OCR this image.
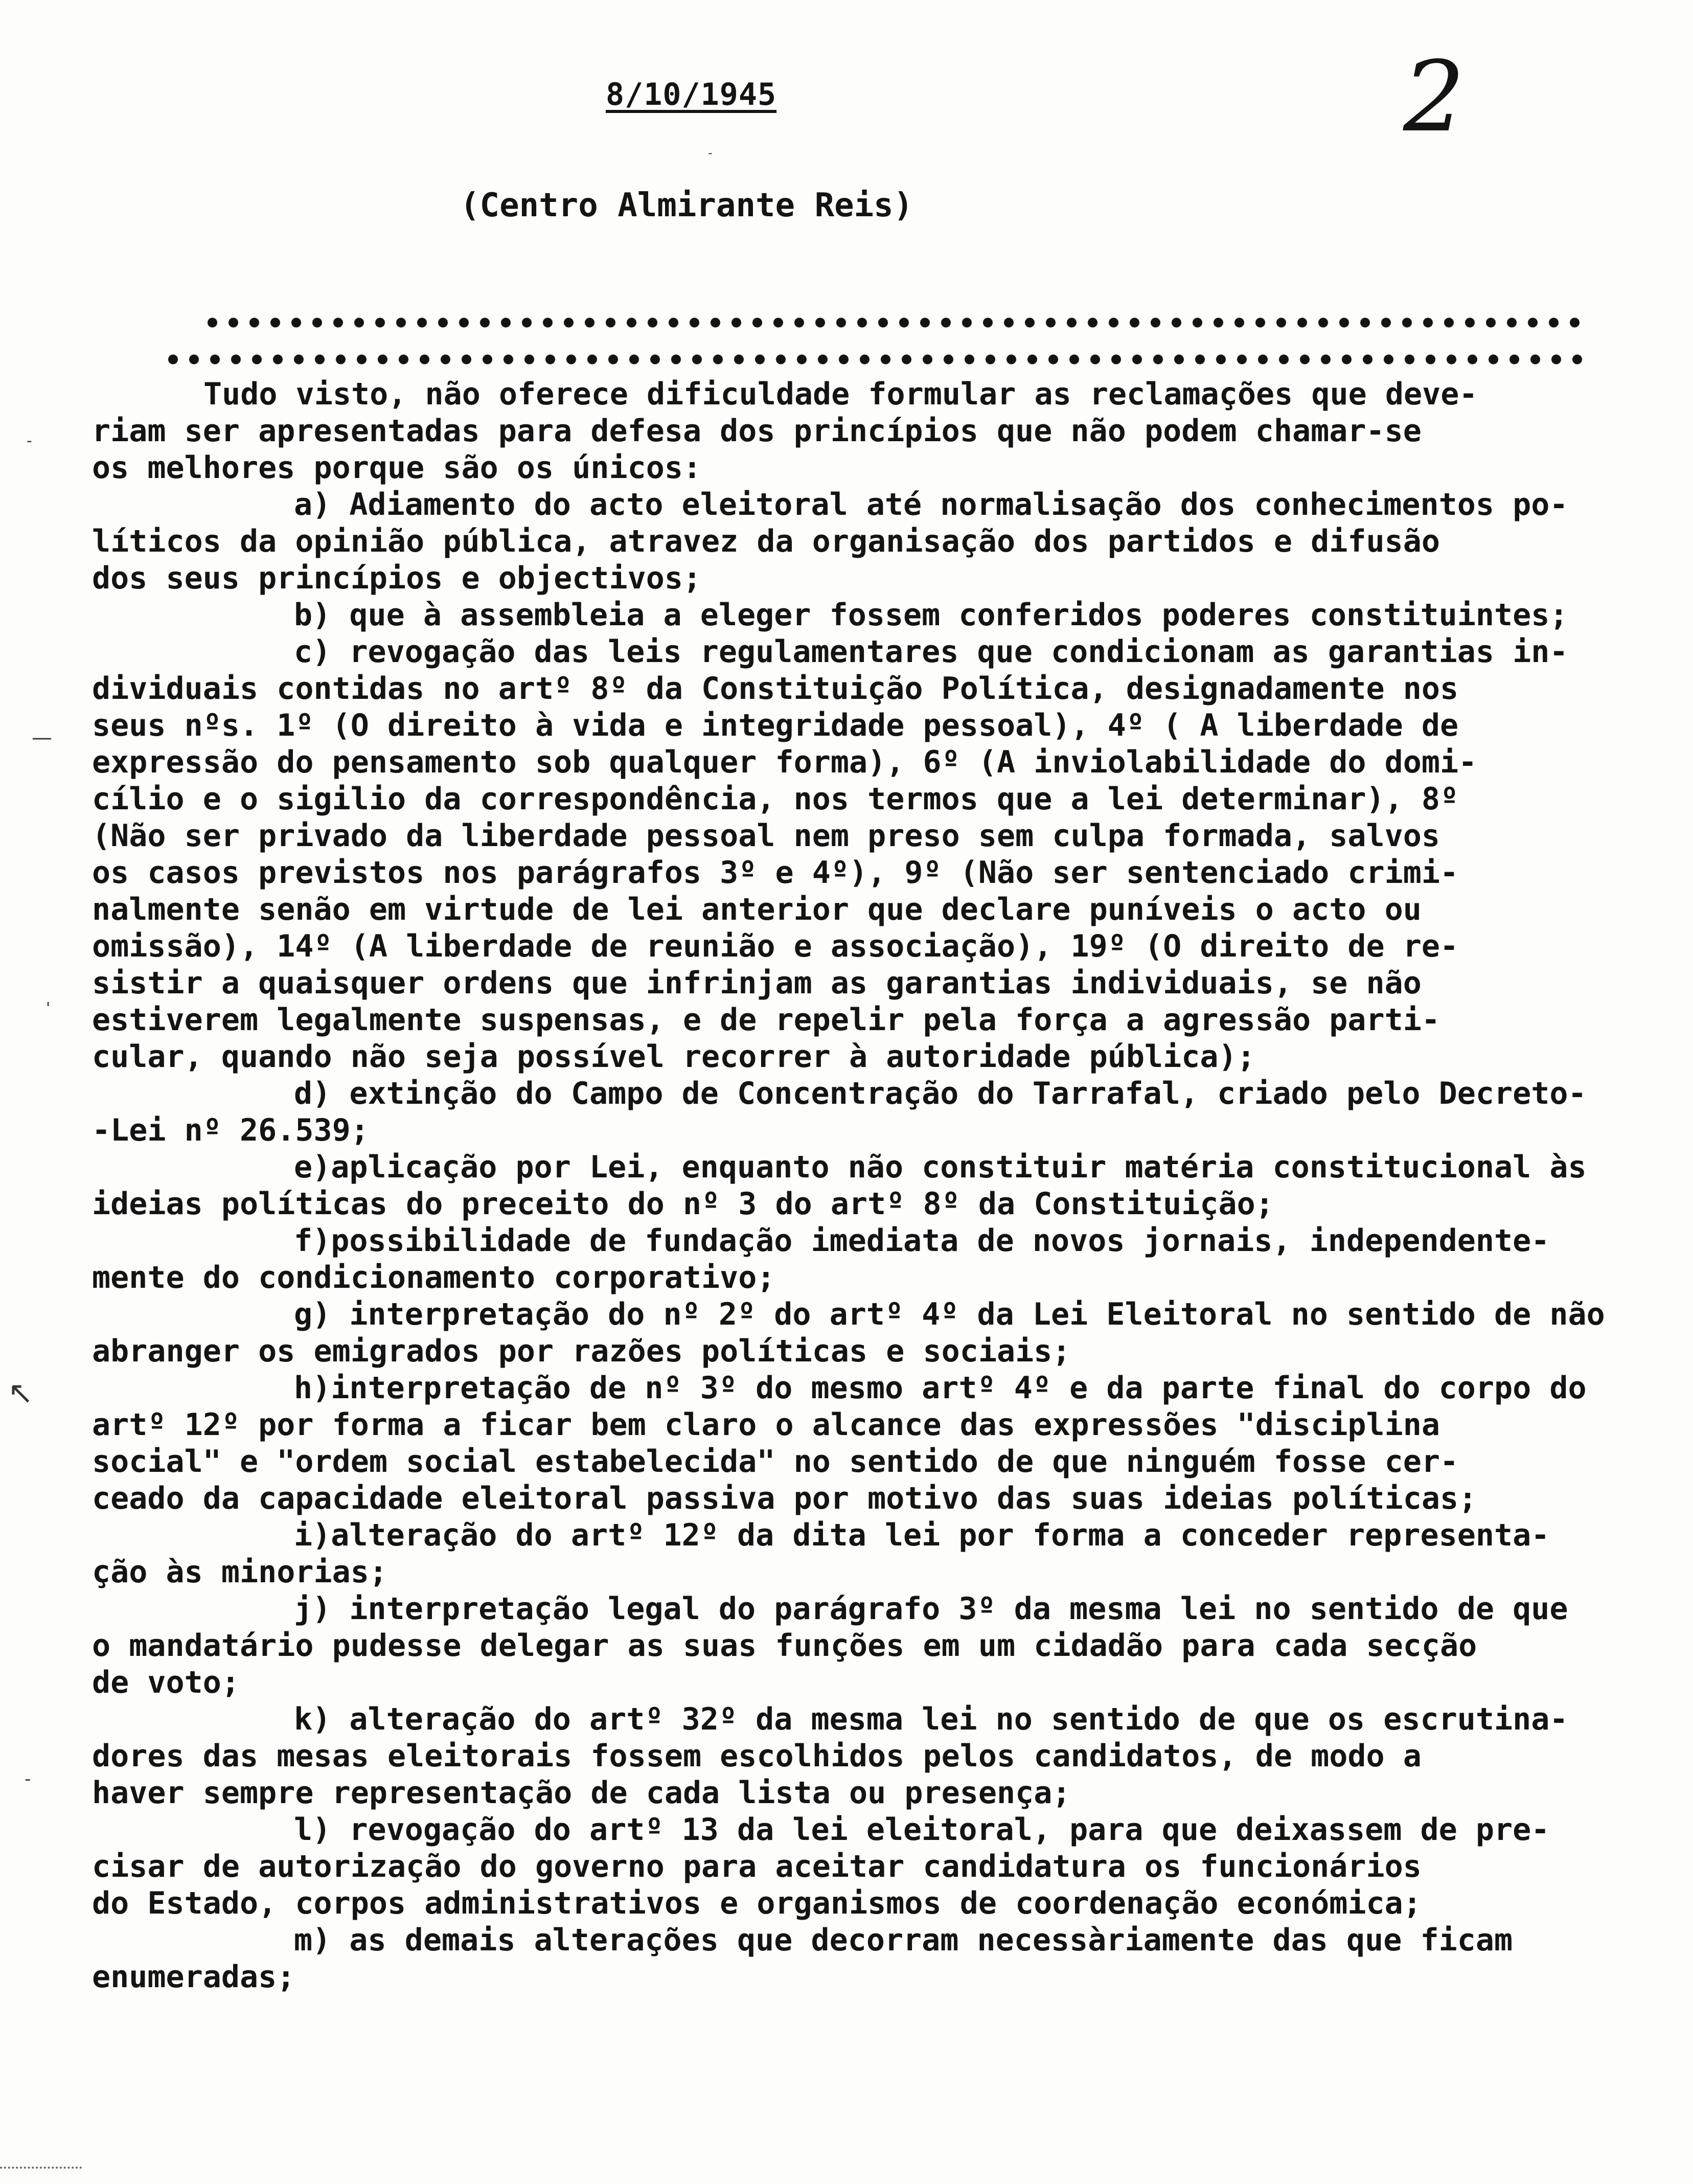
8/10/1945	2
(Centro Almirante Reis)
-
—
'
↖
-
-
Tudo visto, não oferece dificuldade formular as reclamações que deve-
riam ser apresentadas para defesa dos princípios que não podem chamar-se
os melhores porque são os únicos:
a) Adiamento do acto eleitoral até normalisação dos conhecimentos po-
líticos da opinião pública, atravez da organisação dos partidos e difusão
dos seus princípios e objectivos;
b) que à assembleia a eleger fossem conferidos poderes constituintes;
c) revogação das leis regulamentares que condicionam as garantias in-
dividuais contidas no artº 8º da Constituição Política, designadamente nos
seus nºs. 1º (O direito à vida e integridade pessoal), 4º ( A liberdade de
expressão do pensamento sob qualquer forma), 6º (A inviolabilidade do domi-
cílio e o sigilio da correspondência, nos termos que a lei determinar), 8º
(Não ser privado da liberdade pessoal nem preso sem culpa formada, salvos
os casos previstos nos parágrafos 3º e 4º), 9º (Não ser sentenciado crimi-
nalmente senão em virtude de lei anterior que declare puníveis o acto ou
omissão), 14º (A liberdade de reunião e associação), 19º (O direito de re-
sistir a quaisquer ordens que infrinjam as garantias individuais, se não
estiverem legalmente suspensas, e de repelir pela força a agressão parti-
cular, quando não seja possível recorrer à autoridade pública);
d) extinção do Campo de Concentração do Tarrafal, criado pelo Decreto-
-Lei nº 26.539;
e)aplicação por Lei, enquanto não constituir matéria constitucional às
ideias políticas do preceito do nº 3 do artº 8º da Constituição;
f)possibilidade de fundação imediata de novos jornais, independente-
mente do condicionamento corporativo;
g) interpretação do nº 2º do artº 4º da Lei Eleitoral no sentido de não
abranger os emigrados por razões políticas e sociais;
h)interpretação de nº 3º do mesmo artº 4º e da parte final do corpo do
artº 12º por forma a ficar bem claro o alcance das expressões "disciplina
social" e "ordem social estabelecida" no sentido de que ninguém fosse cer-
ceado da capacidade eleitoral passiva por motivo das suas ideias políticas;
i)alteração do artº 12º da dita lei por forma a conceder representa-
ção às minorias;
j) interpretação legal do parágrafo 3º da mesma lei no sentido de que
o mandatário pudesse delegar as suas funções em um cidadão para cada secção
de voto;
k) alteração do artº 32º da mesma lei no sentido de que os escrutina-
dores das mesas eleitorais fossem escolhidos pelos candidatos, de modo a
haver sempre representação de cada lista ou presença;
l) revogação do artº 13 da lei eleitoral, para que deixassem de pre-
cisar de autorização do governo para aceitar candidatura os funcionários
do Estado, corpos administrativos e organismos de coordenação económica;
m) as demais alterações que decorram necessàriamente das que ficam
enumeradas;
